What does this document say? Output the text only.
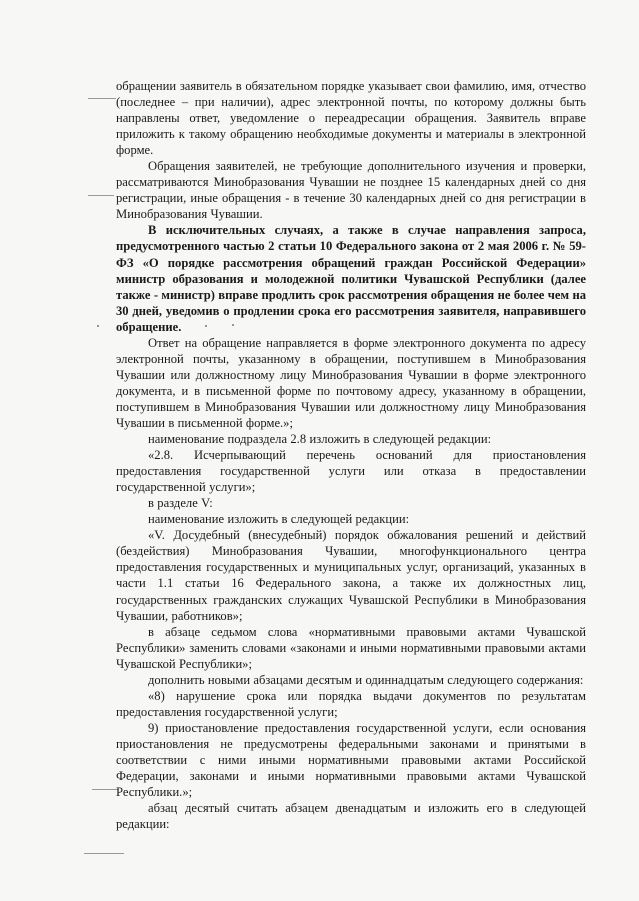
обращении заявитель в обязательном порядке указывает свои фамилию, имя, отчество (последнее – при наличии), адрес электронной почты, по которому должны быть направлены ответ, уведомление о переадресации обращения. Заявитель вправе приложить к такому обращению необходимые документы и материалы в электронной форме.

Обращения заявителей, не требующие дополнительного изучения и проверки, рассматриваются Минобразования Чувашии не позднее 15 календарных дней со дня регистрации, иные обращения - в течение 30 календарных дней со дня регистрации в Минобразования Чувашии.

В исключительных случаях, а также в случае направления запроса, предусмотренного частью 2 статьи 10 Федерального закона от 2 мая 2006 г. № 59-ФЗ «О порядке рассмотрения обращений граждан Российской Федерации» министр образования и молодежной политики Чувашской Республики (далее также - министр) вправе продлить срок рассмотрения обращения не более чем на 30 дней, уведомив о продлении срока его рассмотрения заявителя, направившего обращение.

Ответ на обращение направляется в форме электронного документа по адресу электронной почты, указанному в обращении, поступившем в Минобразования Чувашии или должностному лицу Минобразования Чувашии в форме электронного документа, и в письменной форме по почтовому адресу, указанному в обращении, поступившем в Минобразования Чувашии или должностному лицу Минобразования Чувашии в письменной форме.»;

наименование подраздела 2.8 изложить в следующей редакции:

«2.8. Исчерпывающий перечень оснований для приостановления предоставления государственной услуги или отказа в предоставлении государственной услуги»;

в разделе V:

наименование изложить в следующей редакции:

«V. Досудебный (внесудебный) порядок обжалования решений и действий (бездействия) Минобразования Чувашии, многофункционального центра предоставления государственных и муниципальных услуг, организаций, указанных в части 1.1 статьи 16 Федерального закона, а также их должностных лиц, государственных гражданских служащих Чувашской Республики в Минобразования Чувашии, работников»;

в абзаце седьмом слова «нормативными правовыми актами Чувашской Республики» заменить словами «законами и иными нормативными правовыми актами Чувашской Республики»;

дополнить новыми абзацами десятым и одиннадцатым следующего содержания:

«8) нарушение срока или порядка выдачи документов по результатам предоставления государственной услуги;

9) приостановление предоставления государственной услуги, если основания приостановления не предусмотрены федеральными законами и принятыми в соответствии с ними иными нормативными правовыми актами Российской Федерации, законами и иными нормативными правовыми актами Чувашской Республики.»;

абзац десятый считать абзацем двенадцатым и изложить его в следующей редакции:
